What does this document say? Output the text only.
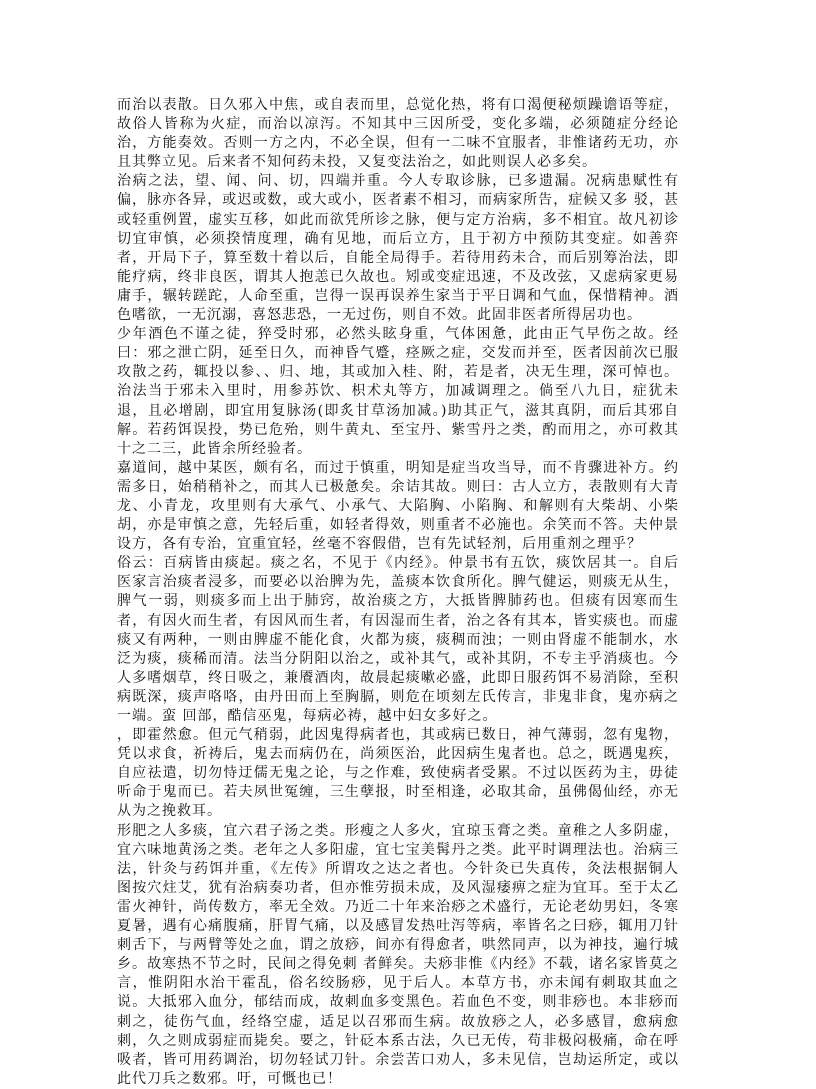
而治以表散。日久邪入中焦，或自表而里，总觉化热，将有口渴便秘烦躁谵语等症，故俗人皆称为火症，而治以凉泻。不知其中三因所受，变化多端，必须随症分经论治，方能奏效。否则一方之内，不必全误，但有一二味不宜服者，非惟诸药无功，亦且其弊立见。后来者不知何药未投，又复变法治之，如此则误人必多矣。

治病之法，望、闻、问、切，四端并重。今人专取诊脉，已多遗漏。况病患赋性有偏，脉亦各异，或迟或数，或大或小，医者素不相习，而病家所告，症候又多 驳，甚或轻重例置，虚实互移，如此而欲凭所诊之脉，便与定方治病，多不相宜。故凡初诊切宜审慎，必须揆情度理，确有见地，而后立方，且于初方中预防其变症。如善弈者，开局下子，算至数十着以后，自能全局得手。若待用药未合，而后别筹治法，即能疗病，终非良医，谓其人抱恙已久故也。矧或变症迅速，不及改弦，又虑病家更易庸手，辗转蹉跎，人命至重，岂得一误再误养生家当于平日调和气血，保惜精神。酒色嗜欲，一无沉溺，喜怒悲恐，一无过伤，则自不效。此固非医者所得居功也。

少年酒色不谨之徒，猝受时邪，必然头眩身重，气体困惫，此由正气早伤之故。经曰：邪之泄亡阴，延至日久，而神昏气蹙，痉厥之症，交发而并至，医者因前次已服攻散之药，辄投以参、、归、地，其或加入桂、附，若是者，决无生理，深可悼也。治法当于邪未入里时，用参苏饮、枳术丸等方，加减调理之。倘至八九日，症犹未退，且必增剧，即宜用复脉汤(即炙甘草汤加减。)助其正气，滋其真阴，而后其邪自解。若药饵误投，势已危殆，则牛黄丸、至宝丹、紫雪丹之类，酌而用之，亦可救其十之二三，此皆余所经验者。

嘉道间，越中某医，颇有名，而过于慎重，明知是症当攻当导，而不肯骤进补方。约需多日，始稍稍补之，而其人已极惫矣。余诘其故。则曰：古人立方，表散则有大青龙、小青龙，攻里则有大承气、小承气、大陷胸、小陷胸、和解则有大柴胡、小柴胡，亦是审慎之意，先轻后重，如轻者得效，则重者不必施也。余笑而不答。夫仲景设方，各有专治，宜重宜轻，丝毫不容假借，岂有先试轻剂，后用重剂之理乎？

俗云：百病皆由痰起。痰之名，不见于《内经》。仲景书有五饮，痰饮居其一。自后医家言治痰者浸多，而要必以治脾为先，盖痰本饮食所化。脾气健运，则痰无从生，脾气一弱，则痰多而上出于肺窍，故治痰之方，大抵皆脾肺药也。但痰有因寒而生者，有因火而生者，有因风而生者，有因湿而生者，治之各有其本，皆实痰也。而虚痰又有两种，一则由脾虚不能化食，火都为痰，痰稠而浊；一则由肾虚不能制水，水泛为痰，痰稀而清。法当分阴阳以治之，或补其气，或补其阴，不专主乎消痰也。今人多嗜烟草，终日吸之，兼餍酒肉，故晨起痰嗽必盛，此即日服药饵不易消除，至积病既深，痰声咯咯，由丹田而上至胸膈，则危在顷刻左氏传言，非鬼非食，鬼亦病之一端。蛮 回部，酷信巫鬼，每病必祷，越中妇女多好之。

，即霍然愈。但元气稍弱，此因鬼得病者也，其或病已数日，神气薄弱，忽有鬼物，凭以求食，祈祷后，鬼去而病仍在，尚须医治，此因病生鬼者也。总之，既遇鬼疾，自应祛遣，切勿恃迂儒无鬼之论，与之作难，致使病者受累。不过以医药为主，毋徒听命于鬼而已。若夫夙世冤缠，三生孽报，时至相逢，必取其命，虽佛偈仙经，亦无从为之挽救耳。

形肥之人多痰，宜六君子汤之类。形瘦之人多火，宜琼玉膏之类。童稚之人多阴虚，宜六味地黄汤之类。老年之人多阳虚，宜七宝美髯丹之类。此平时调理法也。治病三法，针灸与药饵并重，《左传》所谓攻之达之者也。今针灸已失真传，灸法根据铜人图按穴炷艾，犹有治病奏功者，但亦惟劳损未成，及风湿痿痹之症为宜耳。至于太乙雷火神针，尚传数方，率无全效。乃近二十年来治痧之术盛行，无论老幼男妇，冬寒夏暑，遇有心痛腹痛，肝胃气痛，以及感冒发热吐泻等病，率皆名之曰痧，辄用刀针刺舌下，与两臂等处之血，谓之放痧，间亦有得愈者，哄然同声，以为神技，遍行城乡。故寒热不节之时，民间之得免刺 者鲜矣。夫痧非惟《内经》不载，诸名家皆莫之言，惟阴阳水治干霍乱，俗名绞肠痧，见于后人。本草方书，亦未闻有刺取其血之说。大抵邪入血分，郁结而成，故刺血多变黑色。若血色不变，则非痧也。本非痧而刺之，徒伤气血，经络空虚，适足以召邪而生病。故放痧之人，必多感冒，愈病愈刺，久之则成弱症而毙矣。要之，针砭本系古法，久已无传，苟非极闷极痛，命在呼吸者，皆可用药调治，切勿轻试刀针。余尝苦口劝人，多未见信，岂劫运所定，或以此代刀兵之数邪。吁，可慨也已！
